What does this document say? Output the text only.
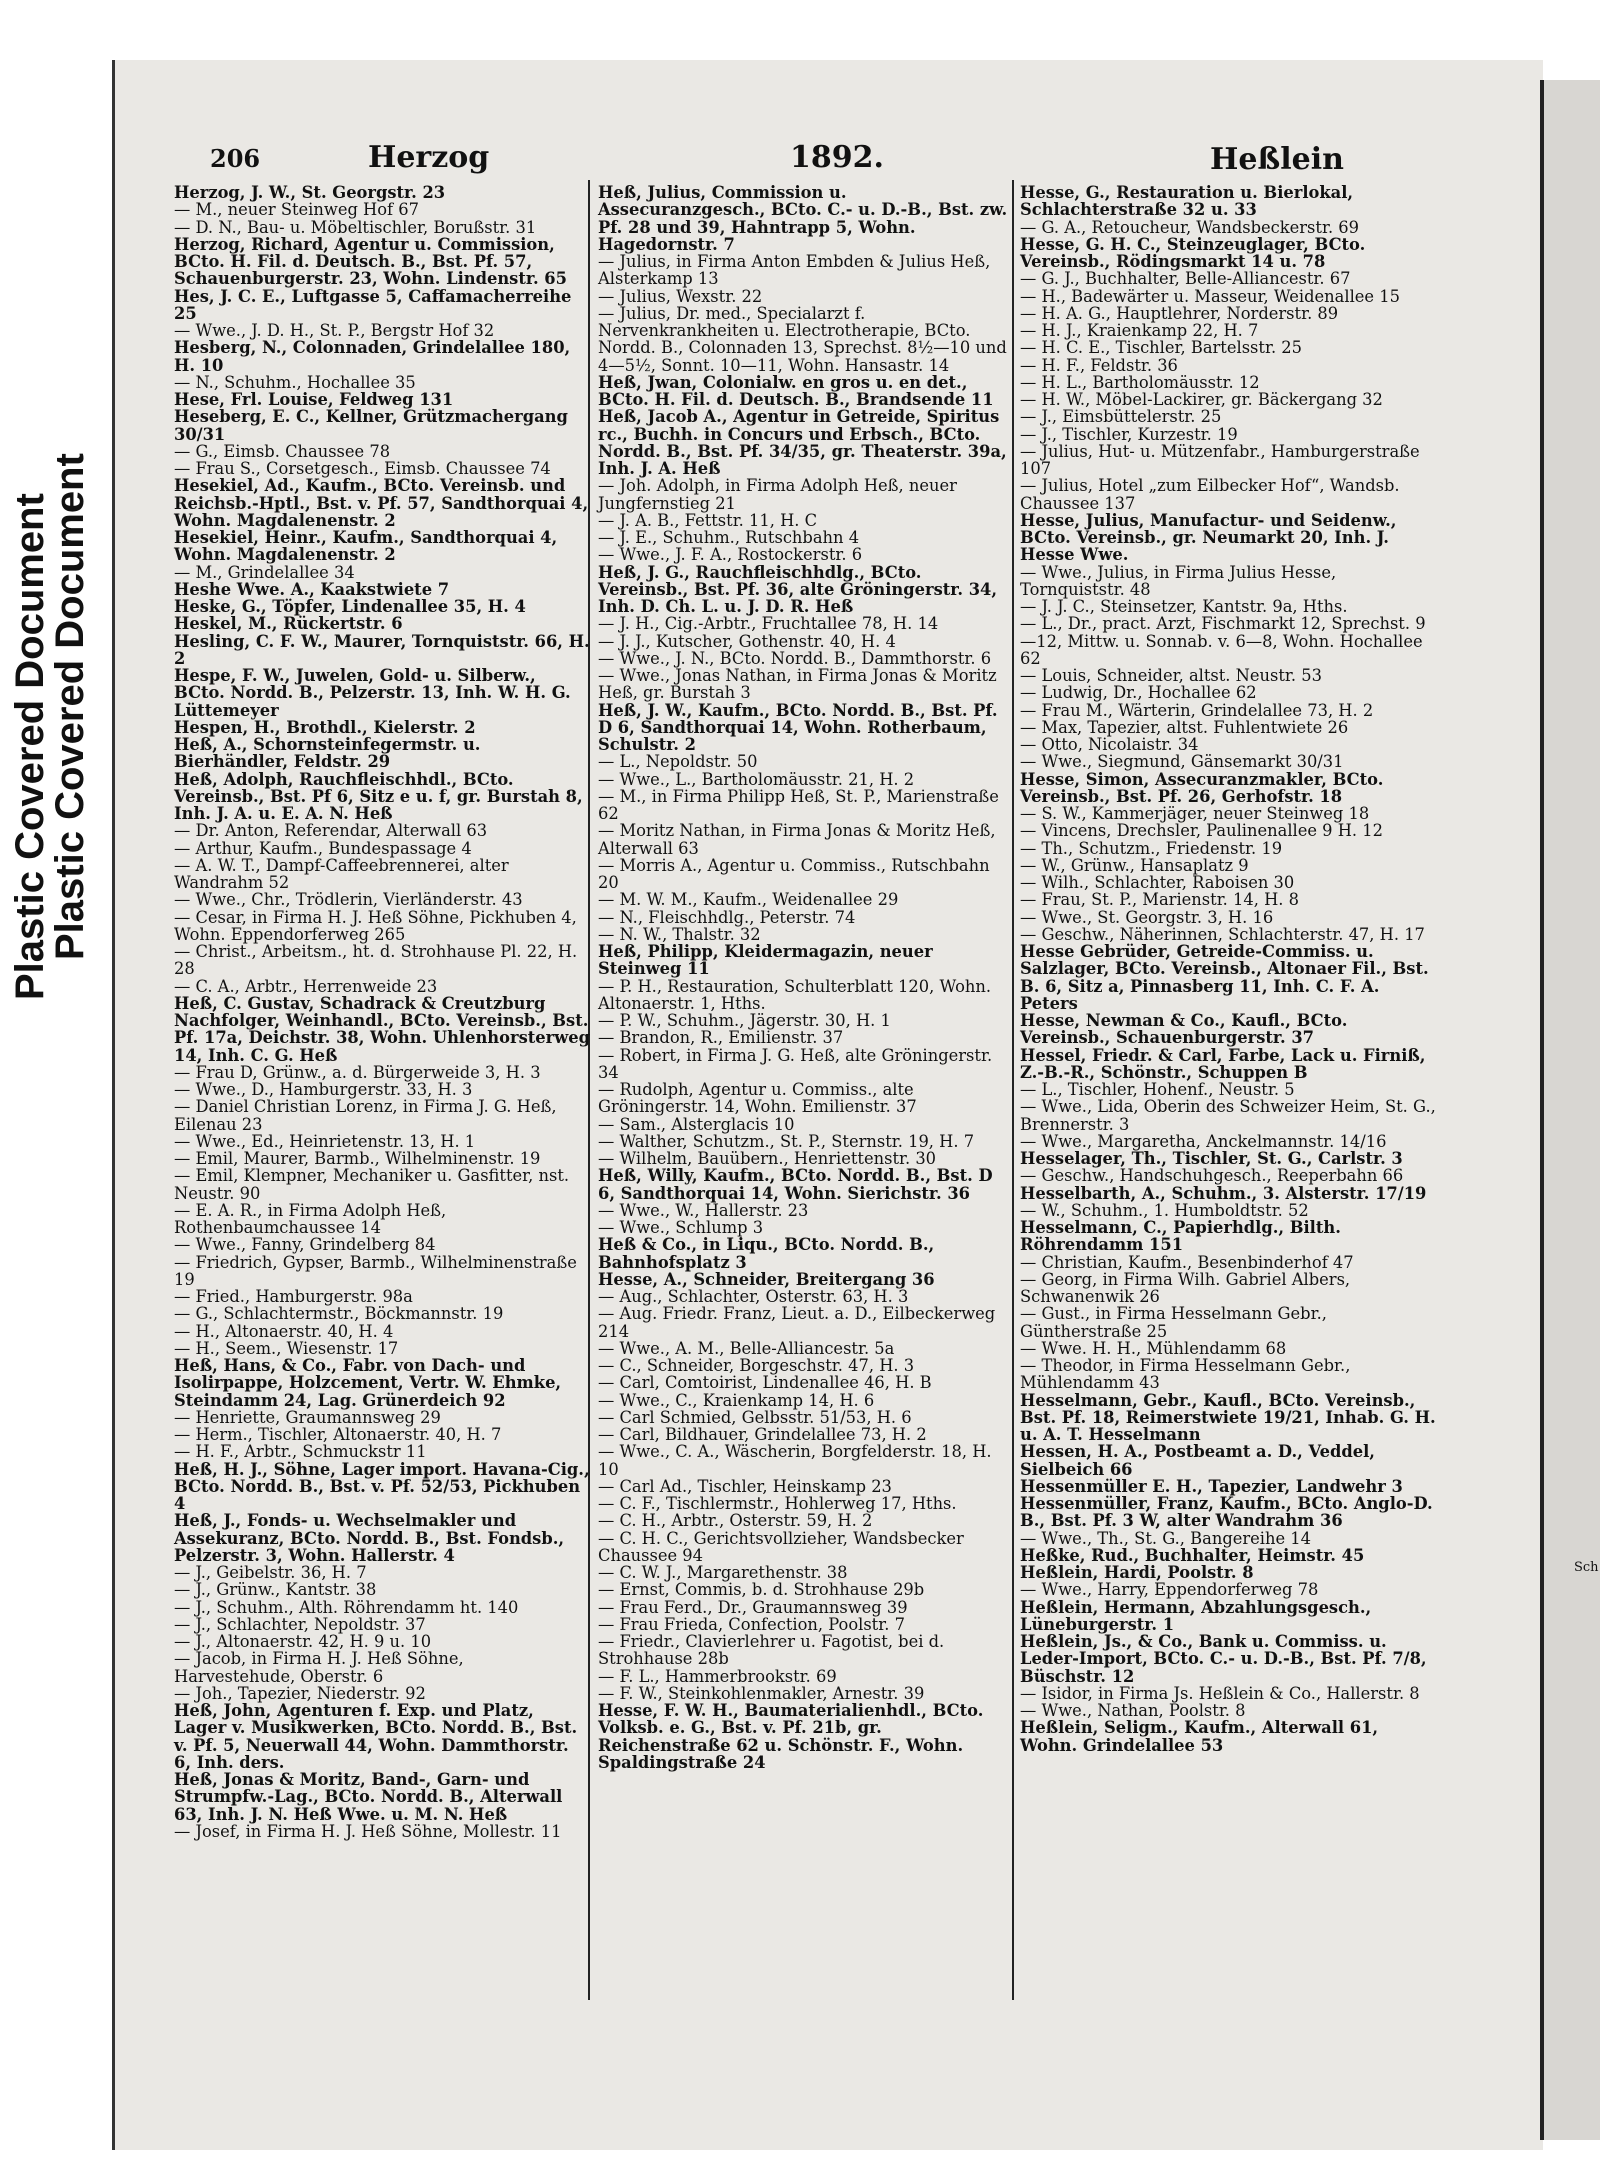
Plastic Covered Document
Plastic Covered Document
Sch
206	Herzog	1892.	Heßlein

Herzog, J. W., St. Georgstr. 23

— M., neuer Steinweg Hof 67

— D. N., Bau- u. Möbeltischler, Borußstr. 31

Herzog, Richard, Agentur u. Commission, BCto. H. Fil. d. Deutsch. B., Bst. Pf. 57, Schauenburgerstr. 23, Wohn. Lindenstr. 65

Hes, J. C. E., Luftgasse 5, Caffamacherreihe 25

— Wwe., J. D. H., St. P., Bergstr Hof 32

Hesberg, N., Colonnaden, Grindelallee 180, H. 10

— N., Schuhm., Hochallee 35

Hese, Frl. Louise, Feldweg 131

Heseberg, E. C., Kellner, Grützmachergang 30/31

— G., Eimsb. Chaussee 78

— Frau S., Corsetgesch., Eimsb. Chaussee 74

Hesekiel, Ad., Kaufm., BCto. Vereinsb. und Reichsb.-Hptl., Bst. v. Pf. 57, Sandthorquai 4, Wohn. Magdalenenstr. 2

Hesekiel, Heinr., Kaufm., Sandthorquai 4, Wohn. Magdalenenstr. 2

— M., Grindelallee 34

Heshe Wwe. A., Kaakstwiete 7

Heske, G., Töpfer, Lindenallee 35, H. 4

Heskel, M., Rückertstr. 6

Hesling, C. F. W., Maurer, Tornquiststr. 66, H. 2

Hespe, F. W., Juwelen, Gold- u. Silberw., BCto. Nordd. B., Pelzerstr. 13, Inh. W. H. G. Lüttemeyer

Hespen, H., Brothdl., Kielerstr. 2

Heß, A., Schornsteinfegermstr. u. Bierhändler, Feldstr. 29

Heß, Adolph, Rauchfleischhdl., BCto. Vereinsb., Bst. Pf 6, Sitz e u. f, gr. Burstah 8, Inh. J. A. u. E. A. N. Heß

— Dr. Anton, Referendar, Alterwall 63

— Arthur, Kaufm., Bundespassage 4

— A. W. T., Dampf-Caffeebrennerei, alter Wandrahm 52

— Wwe., Chr., Trödlerin, Vierländerstr. 43

— Cesar, in Firma H. J. Heß Söhne, Pickhuben 4, Wohn. Eppendorferweg 265

— Christ., Arbeitsm., ht. d. Strohhause Pl. 22, H. 28

— C. A., Arbtr., Herrenweide 23

Heß, C. Gustav, Schadrack & Creutzburg Nachfolger, Weinhandl., BCto. Vereinsb., Bst. Pf. 17a, Deichstr. 38, Wohn. Uhlenhorsterweg 14, Inh. C. G. Heß

— Frau D, Grünw., a. d. Bürgerweide 3, H. 3

— Wwe., D., Hamburgerstr. 33, H. 3

— Daniel Christian Lorenz, in Firma J. G. Heß, Eilenau 23

— Wwe., Ed., Heinrietenstr. 13, H. 1

— Emil, Maurer, Barmb., Wilhelminenstr. 19

— Emil, Klempner, Mechaniker u. Gasfitter, nst. Neustr. 90

— E. A. R., in Firma Adolph Heß, Rothenbaumchaussee 14

— Wwe., Fanny, Grindelberg 84

— Friedrich, Gypser, Barmb., Wilhelminenstraße 19

— Fried., Hamburgerstr. 98a

— G., Schlachtermstr., Böckmannstr. 19

— H., Altonaerstr. 40, H. 4

— H., Seem., Wiesenstr. 17

Heß, Hans, & Co., Fabr. von Dach- und Isolirpappe, Holzcement, Vertr. W. Ehmke, Steindamm 24, Lag. Grünerdeich 92

— Henriette, Graumannsweg 29

— Herm., Tischler, Altonaerstr. 40, H. 7

— H. F., Arbtr., Schmuckstr 11

Heß, H. J., Söhne, Lager import. Havana-Cig., BCto. Nordd. B., Bst. v. Pf. 52/53, Pickhuben 4

Heß, J., Fonds- u. Wechselmakler und Assekuranz, BCto. Nordd. B., Bst. Fondsb., Pelzerstr. 3, Wohn. Hallerstr. 4

— J., Geibelstr. 36, H. 7

— J., Grünw., Kantstr. 38

— J., Schuhm., Alth. Röhrendamm ht. 140

— J., Schlachter, Nepoldstr. 37

— J., Altonaerstr. 42, H. 9 u. 10

— Jacob, in Firma H. J. Heß Söhne, Harvestehude, Oberstr. 6

— Joh., Tapezier, Niederstr. 92

Heß, John, Agenturen f. Exp. und Platz, Lager v. Musikwerken, BCto. Nordd. B., Bst. v. Pf. 5, Neuerwall 44, Wohn. Dammthorstr. 6, Inh. ders.

Heß, Jonas & Moritz, Band-, Garn- und Strumpfw.-Lag., BCto. Nordd. B., Alterwall 63, Inh. J. N. Heß Wwe. u. M. N. Heß

— Josef, in Firma H. J. Heß Söhne, Mollestr. 11

Heß, Julius, Commission u. Assecuranzgesch., BCto. C.- u. D.-B., Bst. zw. Pf. 28 und 39, Hahntrapp 5, Wohn. Hagedornstr. 7

— Julius, in Firma Anton Embden & Julius Heß, Alsterkamp 13

— Julius, Wexstr. 22

— Julius, Dr. med., Specialarzt f. Nervenkrankheiten u. Electrotherapie, BCto. Nordd. B., Colonnaden 13, Sprechst. 8½—10 und 4—5½, Sonnt. 10—11, Wohn. Hansastr. 14

Heß, Jwan, Colonialw. en gros u. en det., BCto. H. Fil. d. Deutsch. B., Brandsende 11

Heß, Jacob A., Agentur in Getreide, Spiritus rc., Buchh. in Concurs und Erbsch., BCto. Nordd. B., Bst. Pf. 34/35, gr. Theaterstr. 39a, Inh. J. A. Heß

— Joh. Adolph, in Firma Adolph Heß, neuer Jungfernstieg 21

— J. A. B., Fettstr. 11, H. C

— J. E., Schuhm., Rutschbahn 4

— Wwe., J. F. A., Rostockerstr. 6

Heß, J. G., Rauchfleischhdlg., BCto. Vereinsb., Bst. Pf. 36, alte Gröningerstr. 34, Inh. D. Ch. L. u. J. D. R. Heß

— J. H., Cig.-Arbtr., Fruchtallee 78, H. 14

— J. J., Kutscher, Gothenstr. 40, H. 4

— Wwe., J. N., BCto. Nordd. B., Dammthorstr. 6

— Wwe., Jonas Nathan, in Firma Jonas & Moritz Heß, gr. Burstah 3

Heß, J. W., Kaufm., BCto. Nordd. B., Bst. Pf. D 6, Sandthorquai 14, Wohn. Rotherbaum, Schulstr. 2

— L., Nepoldstr. 50

— Wwe., L., Bartholomäusstr. 21, H. 2

— M., in Firma Philipp Heß, St. P., Marienstraße 62

— Moritz Nathan, in Firma Jonas & Moritz Heß, Alterwall 63

— Morris A., Agentur u. Commiss., Rutschbahn 20

— M. W. M., Kaufm., Weidenallee 29

— N., Fleischhdlg., Peterstr. 74

— N. W., Thalstr. 32

Heß, Philipp, Kleidermagazin, neuer Steinweg 11

— P. H., Restauration, Schulterblatt 120, Wohn. Altonaerstr. 1, Hths.

— P. W., Schuhm., Jägerstr. 30, H. 1

— Brandon, R., Emilienstr. 37

— Robert, in Firma J. G. Heß, alte Gröningerstr. 34

— Rudolph, Agentur u. Commiss., alte Gröningerstr. 14, Wohn. Emilienstr. 37

— Sam., Alsterglacis 10

— Walther, Schutzm., St. P., Sternstr. 19, H. 7

— Wilhelm, Bauübern., Henriettenstr. 30

Heß, Willy, Kaufm., BCto. Nordd. B., Bst. D 6, Sandthorquai 14, Wohn. Sierichstr. 36

— Wwe., W., Hallerstr. 23

— Wwe., Schlump 3

Heß & Co., in Liqu., BCto. Nordd. B., Bahnhofsplatz 3

Hesse, A., Schneider, Breitergang 36

— Aug., Schlachter, Osterstr. 63, H. 3

— Aug. Friedr. Franz, Lieut. a. D., Eilbeckerweg 214

— Wwe., A. M., Belle-Alliancestr. 5a

— C., Schneider, Borgeschstr. 47, H. 3

— Carl, Comtoirist, Lindenallee 46, H. B

— Wwe., C., Kraienkamp 14, H. 6

— Carl Schmied, Gelbsstr. 51/53, H. 6

— Carl, Bildhauer, Grindelallee 73, H. 2

— Wwe., C. A., Wäscherin, Borgfelderstr. 18, H. 10

— Carl Ad., Tischler, Heinskamp 23

— C. F., Tischlermstr., Hohlerweg 17, Hths.

— C. H., Arbtr., Osterstr. 59, H. 2

— C. H. C., Gerichtsvollzieher, Wandsbecker Chaussee 94

— C. W. J., Margarethenstr. 38

— Ernst, Commis, b. d. Strohhause 29b

— Frau Ferd., Dr., Graumannsweg 39

— Frau Frieda, Confection, Poolstr. 7

— Friedr., Clavierlehrer u. Fagotist, bei d. Strohhause 28b

— F. L., Hammerbrookstr. 69

— F. W., Steinkohlenmakler, Arnestr. 39

Hesse, F. W. H., Baumaterialienhdl., BCto. Volksb. e. G., Bst. v. Pf. 21b, gr. Reichenstraße 62 u. Schönstr. F., Wohn. Spaldingstraße 24

Hesse, G., Restauration u. Bierlokal, Schlachterstraße 32 u. 33

— G. A., Retoucheur, Wandsbeckerstr. 69

Hesse, G. H. C., Steinzeuglager, BCto. Vereinsb., Rödingsmarkt 14 u. 78

— G. J., Buchhalter, Belle-Alliancestr. 67

— H., Badewärter u. Masseur, Weidenallee 15

— H. A. G., Hauptlehrer, Norderstr. 89

— H. J., Kraienkamp 22, H. 7

— H. C. E., Tischler, Bartelsstr. 25

— H. F., Feldstr. 36

— H. L., Bartholomäusstr. 12

— H. W., Möbel-Lackirer, gr. Bäckergang 32

— J., Eimsbüttelerstr. 25

— J., Tischler, Kurzestr. 19

— Julius, Hut- u. Mützenfabr., Hamburgerstraße 107

— Julius, Hotel „zum Eilbecker Hof“, Wandsb. Chaussee 137

Hesse, Julius, Manufactur- und Seidenw., BCto. Vereinsb., gr. Neumarkt 20, Inh. J. Hesse Wwe.

— Wwe., Julius, in Firma Julius Hesse, Tornquiststr. 48

— J. J. C., Steinsetzer, Kantstr. 9a, Hths.

— L., Dr., pract. Arzt, Fischmarkt 12, Sprechst. 9—12, Mittw. u. Sonnab. v. 6—8, Wohn. Hochallee 62

— Louis, Schneider, altst. Neustr. 53

— Ludwig, Dr., Hochallee 62

— Frau M., Wärterin, Grindelallee 73, H. 2

— Max, Tapezier, altst. Fuhlentwiete 26

— Otto, Nicolaistr. 34

— Wwe., Siegmund, Gänsemarkt 30/31

Hesse, Simon, Assecuranzmakler, BCto. Vereinsb., Bst. Pf. 26, Gerhofstr. 18

— S. W., Kammerjäger, neuer Steinweg 18

— Vincens, Drechsler, Paulinenallee 9 H. 12

— Th., Schutzm., Friedenstr. 19

— W., Grünw., Hansaplatz 9

— Wilh., Schlachter, Raboisen 30

— Frau, St. P., Marienstr. 14, H. 8

— Wwe., St. Georgstr. 3, H. 16

— Geschw., Näherinnen, Schlachterstr. 47, H. 17

Hesse Gebrüder, Getreide-Commiss. u. Salzlager, BCto. Vereinsb., Altonaer Fil., Bst. B. 6, Sitz a, Pinnasberg 11, Inh. C. F. A. Peters

Hesse, Newman & Co., Kaufl., BCto. Vereinsb., Schauenburgerstr. 37

Hessel, Friedr. & Carl, Farbe, Lack u. Firniß, Z.-B.-R., Schönstr., Schuppen B

— L., Tischler, Hohenf., Neustr. 5

— Wwe., Lida, Oberin des Schweizer Heim, St. G., Brennerstr. 3

— Wwe., Margaretha, Anckelmannstr. 14/16

Hesselager, Th., Tischler, St. G., Carlstr. 3

— Geschw., Handschuhgesch., Reeperbahn 66

Hesselbarth, A., Schuhm., 3. Alsterstr. 17/19

— W., Schuhm., 1. Humboldtstr. 52

Hesselmann, C., Papierhdlg., Bilth. Röhrendamm 151

— Christian, Kaufm., Besenbinderhof 47

— Georg, in Firma Wilh. Gabriel Albers, Schwanenwik 26

— Gust., in Firma Hesselmann Gebr., Güntherstraße 25

— Wwe. H. H., Mühlendamm 68

— Theodor, in Firma Hesselmann Gebr., Mühlendamm 43

Hesselmann, Gebr., Kaufl., BCto. Vereinsb., Bst. Pf. 18, Reimerstwiete 19/21, Inhab. G. H. u. A. T. Hesselmann

Hessen, H. A., Postbeamt a. D., Veddel, Sielbeich 66

Hessenmüller E. H., Tapezier, Landwehr 3

Hessenmüller, Franz, Kaufm., BCto. Anglo-D. B., Bst. Pf. 3 W, alter Wandrahm 36

— Wwe., Th., St. G., Bangereihe 14

Heßke, Rud., Buchhalter, Heimstr. 45

Heßlein, Hardi, Poolstr. 8

— Wwe., Harry, Eppendorferweg 78

Heßlein, Hermann, Abzahlungsgesch., Lüneburgerstr. 1

Heßlein, Js., & Co., Bank u. Commiss. u. Leder-Import, BCto. C.- u. D.-B., Bst. Pf. 7/8, Büschstr. 12

— Isidor, in Firma Js. Heßlein & Co., Hallerstr. 8

— Wwe., Nathan, Poolstr. 8

Heßlein, Seligm., Kaufm., Alterwall 61, Wohn. Grindelallee 53
